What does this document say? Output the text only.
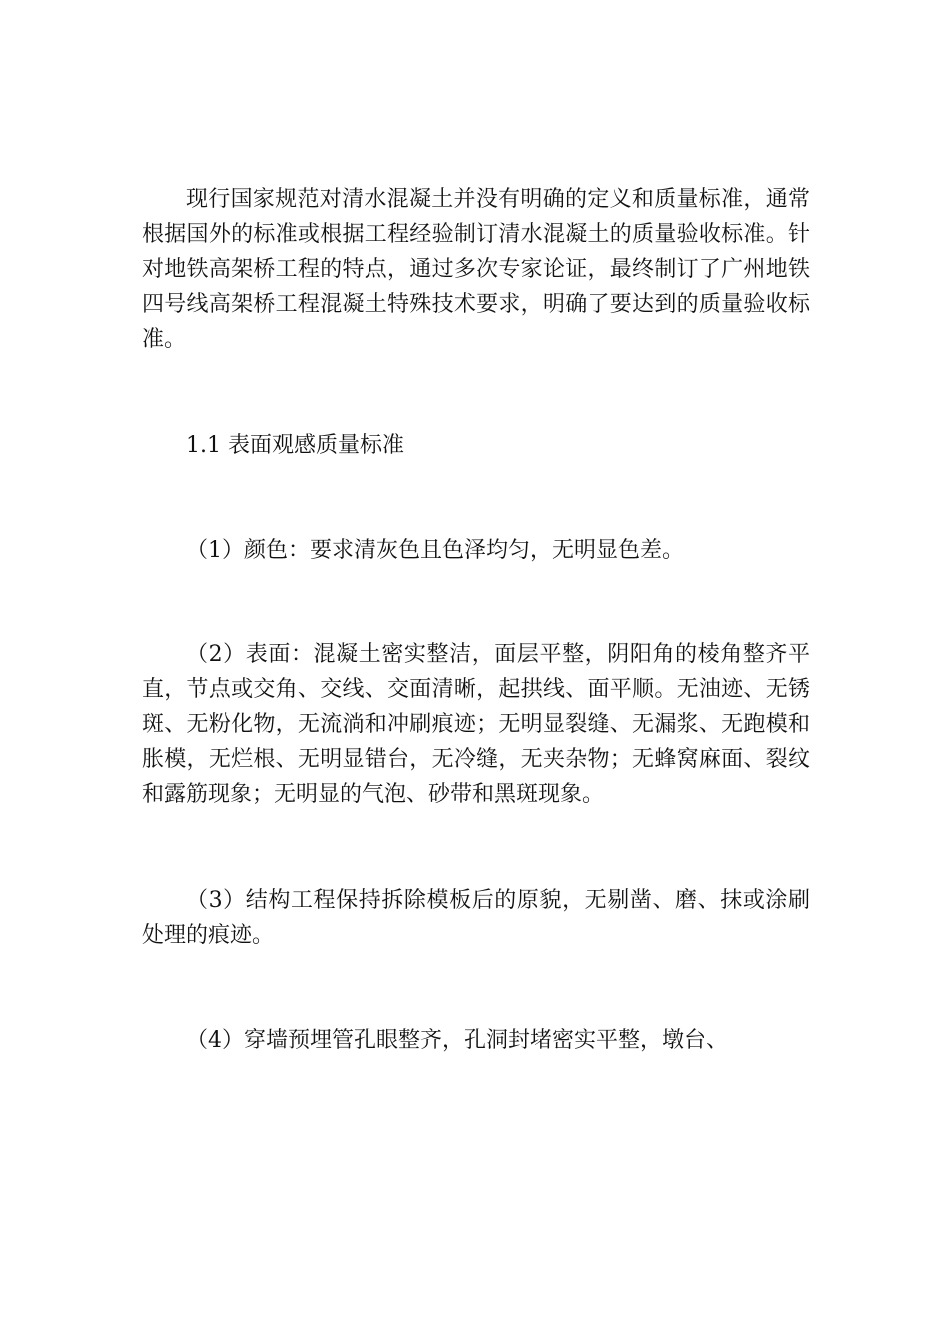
现行国家规范对清水混凝土并没有明确的定义和质量标准，通常根据国外的标准或根据工程经验制订清水混凝土的质量验收标准。针对地铁高架桥工程的特点，通过多次专家论证，最终制订了广州地铁四号线高架桥工程混凝土特殊技术要求，明确了要达到的质量验收标准。

1.1 表面观感质量标准

（1）颜色：要求清灰色且色泽均匀，无明显色差。

（2）表面：混凝土密实整洁，面层平整，阴阳角的棱角整齐平直，节点或交角、交线、交面清晰，起拱线、面平顺。无油迹、无锈斑、无粉化物，无流淌和冲刷痕迹；无明显裂缝、无漏浆、无跑模和胀模，无烂根、无明显错台，无冷缝，无夹杂物；无蜂窝麻面、裂纹和露筋现象；无明显的气泡、砂带和黑斑现象。

（3）结构工程保持拆除模板后的原貌，无剔凿、磨、抹或涂刷处理的痕迹。

（4）穿墙预埋管孔眼整齐，孔洞封堵密实平整，墩台、
